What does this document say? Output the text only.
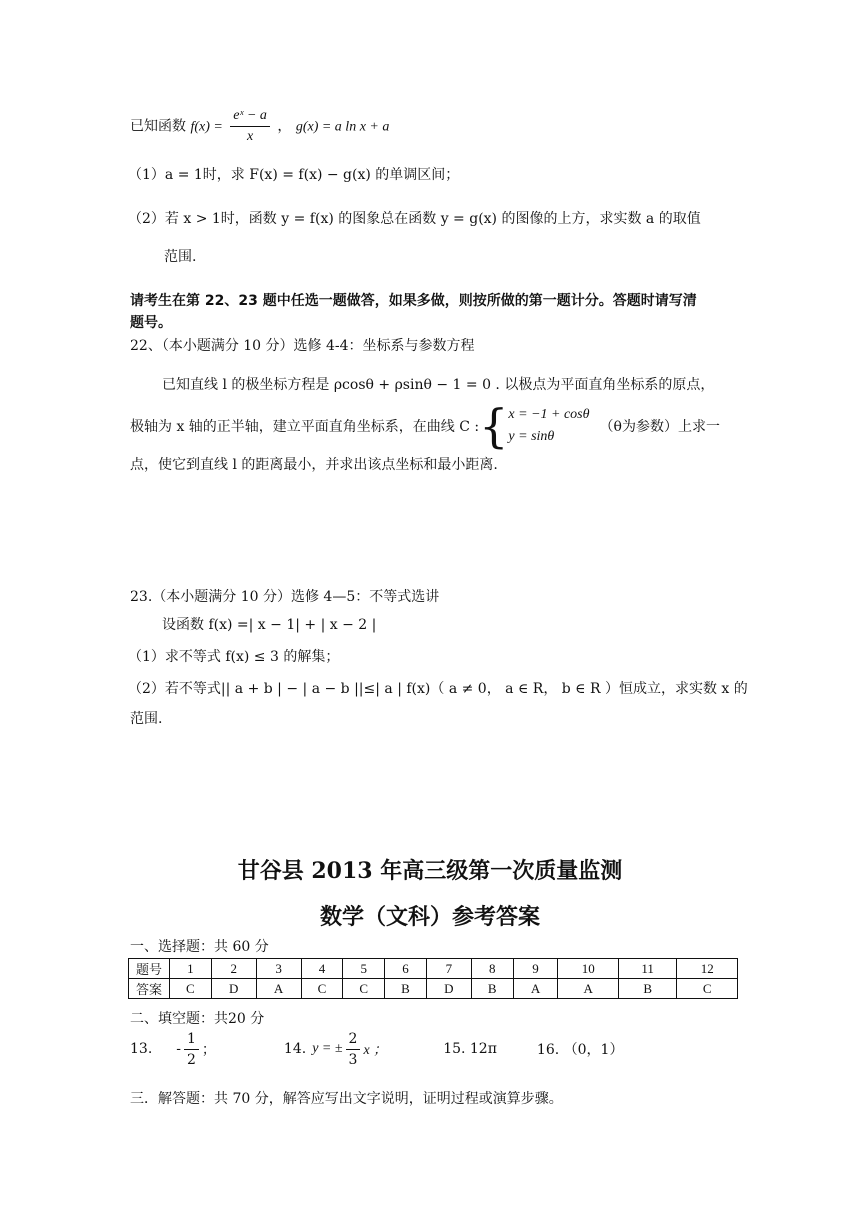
已知函数 $f(x) = \frac{\text{eˣ − a}}{x}$ ， g(x) = a ln x + a
（1）a = 1时，求 F(x) = f(x) − g(x) 的单调区间；
（2）若 x > 1时，函数 y = f(x) 的图象总在函数 y = g(x) 的图像的上方，求实数 a 的取值
范围.
请考生在第 22、23 题中任选一题做答，如果多做，则按所做的第一题计分。答题时请写清
题号。
22、（本小题满分 10 分）选修 4-4：坐标系与参数方程
已知直线 l 的极坐标方程是 ρcosθ + ρsinθ − 1 = 0 . 以极点为平面直角坐标系的原点，
极轴为 x 轴的正半轴，建立平面直角坐标系，在曲线 C : { x = −1 + cosθ
y = sinθ
（θ为参数）上求一
点，使它到直线 l 的距离最小，并求出该点坐标和最小距离.
23.（本小题满分 10 分）选修 4—5：不等式选讲
设函数 f(x) =| x − 1| + | x − 2 |
（1）求不等式 f(x) ≤ 3 的解集；
（2）若不等式|| a + b | − | a − b ||≤| a | f(x)（ a ≠ 0， a ∈ R， b ∈ R ）恒成立，求实数 x 的
范围.
甘谷县 2013 年高三级第一次质量监测
数学（文科）参考答案
一、选择题：共 60 分
题号	1	2	3	4	5	6	7	8	9	10	11	12
答案	C	D	A	C	C	B	D	B	A	A	B	C
二、填空题：共20 分
13. - $\frac{1}{2}$ ；	14. y = ± $\frac{2}{3}$ x ；	15. 12π	16. （0，1）
三．解答题：共 70 分，解答应写出文字说明，证明过程或演算步骤。
